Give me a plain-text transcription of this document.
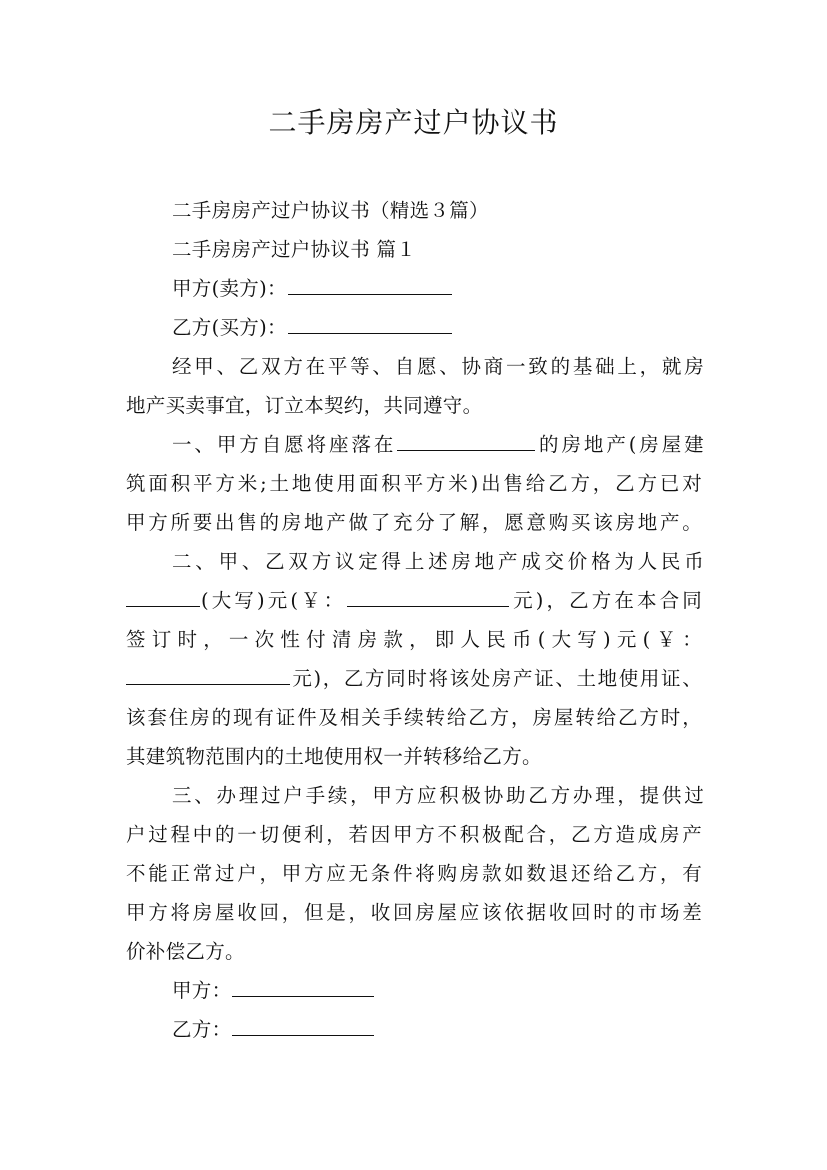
二手房房产过户协议书
二手房房产过户协议书（精选３篇）
二手房房产过户协议书 篇１
甲方(卖方)：
乙方(买方)：
经甲、乙双方在平等、自愿、协商一致的基础上，就房
地产买卖事宜，订立本契约，共同遵守。
一、甲方自愿将座落在	的房地产(房屋建
筑面积平方米;土地使用面积平方米)出售给乙方，乙方已对
甲方所要出售的房地产做了充分了解，愿意购买该房地产。
二、甲、乙双方议定得上述房地产成交价格为人民币
(大写)元(￥：	元)，乙方在本合同
签订时，一次性付清房款，即人民币(大写)元(￥：
元)，乙方同时将该处房产证、土地使用证、
该套住房的现有证件及相关手续转给乙方，房屋转给乙方时，
其建筑物范围内的土地使用权一并转移给乙方。
三、办理过户手续，甲方应积极协助乙方办理，提供过
户过程中的一切便利，若因甲方不积极配合，乙方造成房产
不能正常过户，甲方应无条件将购房款如数退还给乙方，有
甲方将房屋收回，但是，收回房屋应该依据收回时的市场差
价补偿乙方。
甲方：
乙方：
